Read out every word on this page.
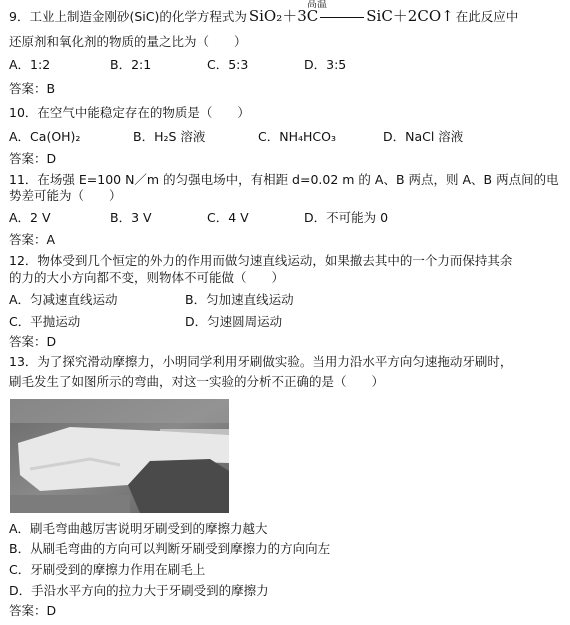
9．工业上制造金刚砂(SiC)的化学方程式为 SiO₂＋3C
高温
SiC＋2CO↑ 在此反应中
还原剂和氧化剂的物质的量之比为（　　）
A．1:2	B．2:1	C．5:3	D．3:5
答案：B
10．在空气中能稳定存在的物质是（　　）
A．Ca(OH)₂	B．H₂S 溶液	C．NH₄HCO₃	D．NaCl 溶液
答案：D
11．在场强 E=100 N／m 的匀强电场中，有相距 d=0.02 m 的 A、B 两点，则 A、B 两点间的电
势差可能为（　　）
A．2 V	B．3 V	C．4 V	D．不可能为 0
答案：A
12．物体受到几个恒定的外力的作用而做匀速直线运动，如果撤去其中的一个力而保持其余
的力的大小方向都不变，则物体不可能做（　　）
A．匀减速直线运动	B．匀加速直线运动
C．平抛运动	D．匀速圆周运动
答案：D
13．为了探究滑动摩擦力，小明同学利用牙刷做实验。当用力沿水平方向匀速拖动牙刷时，
刷毛发生了如图所示的弯曲，对这一实验的分析不正确的是（　　）
A．刷毛弯曲越厉害说明牙刷受到的摩擦力越大
B．从刷毛弯曲的方向可以判断牙刷受到摩擦力的方向向左
C．牙刷受到的摩擦力作用在刷毛上
D．手沿水平方向的拉力大于牙刷受到的摩擦力
答案：D
